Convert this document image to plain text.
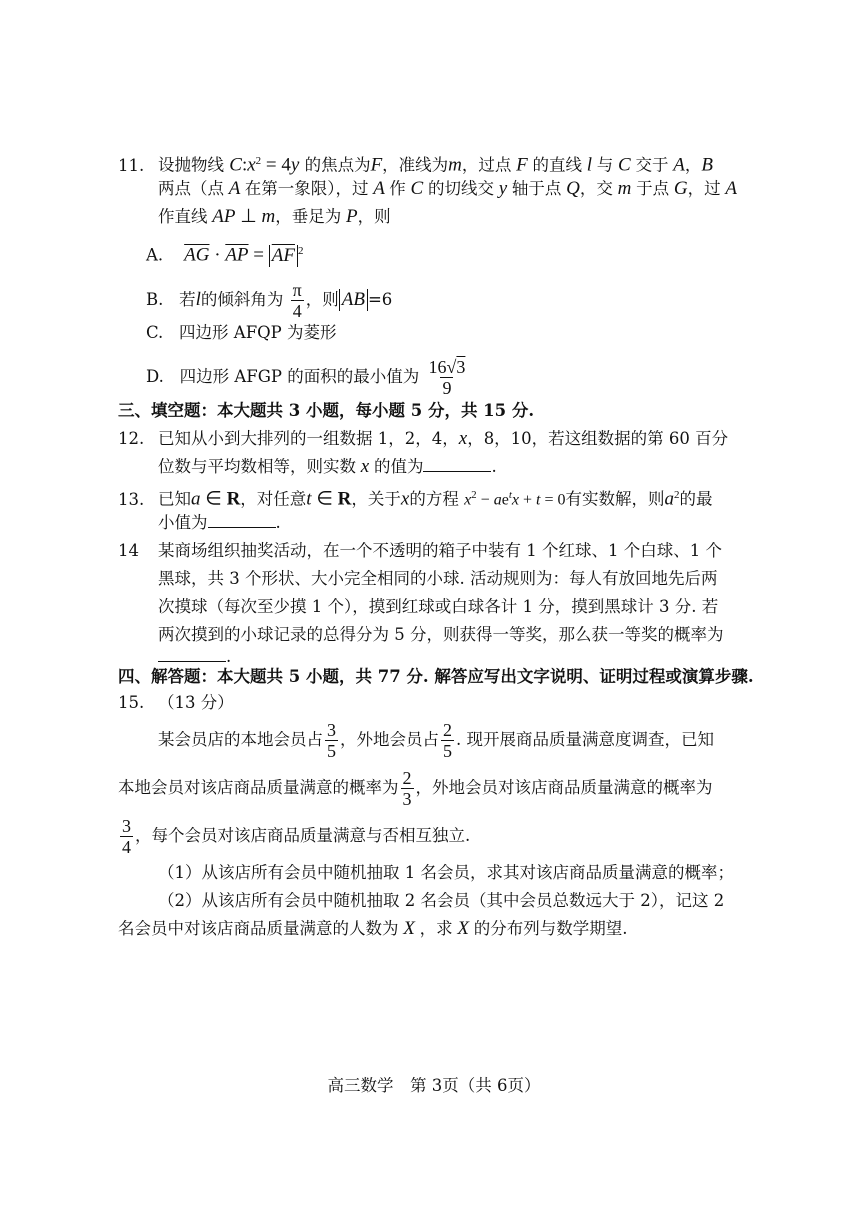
11. 设抛物线 $C:x^2 = 4y$ 的焦点为F，准线为m，过点 F 的直线 l 与 C 交于 A，B
两点（点 A 在第一象限），过 A 作 C 的切线交 y 轴于点 Q，交 m 于点 G，过 A
作直线 AP ⊥ m，垂足为 P，则
A. $\overline{AG} \cdot \overline{AP} = \overline{AF}$ $^2$
B. 若l的倾斜角为 $\frac{\pi}{4}$ ，则 AB =6
C. 四边形 AFQP 为菱形
D. 四边形 AFGP 的面积的最小值为 $\frac{16√3}{9}$
三、填空题：本大题共 3 小题，每小题 5 分，共 15 分.
12. 已知从小到大排列的一组数据 1，2，4，x，8，10，若这组数据的第 60 百分
位数与平均数相等，则实数 x 的值为	.
13. 已知a ∈ R，对任意t ∈ R，关于x的方程 $x^2 - ae^tx + t = 0$有实数解，则$a^2$的最
小值为	.
14 某商场组织抽奖活动，在一个不透明的箱子中装有 1 个红球、1 个白球、1 个
黑球，共 3 个形状、大小完全相同的小球. 活动规则为：每人有放回地先后两
次摸球（每次至少摸 1 个），摸到红球或白球各计 1 分，摸到黑球计 3 分. 若
两次摸到的小球记录的总得分为 5 分，则获得一等奖，那么获一等奖的概率为
.
四、解答题：本大题共 5 小题，共 77 分. 解答应写出文字说明、证明过程或演算步骤.
15. （13 分）
某会员店的本地会员占 $\frac{3}{5}$ ，外地会员占 $\frac{2}{5}$ . 现开展商品质量满意度调查，已知
本地会员对该店商品质量满意的概率为 $\frac{2}{3}$ ，外地会员对该店商品质量满意的概率为
$\frac{3}{4}$ ，每个会员对该店商品质量满意与否相互独立.
（1）从该店所有会员中随机抽取 1 名会员，求其对该店商品质量满意的概率；
（2）从该店所有会员中随机抽取 2 名会员（其中会员总数远大于 2），记这 2
名会员中对该店商品质量满意的人数为 X ，求 X 的分布列与数学期望.
高三数学　第 3页（共 6页）
